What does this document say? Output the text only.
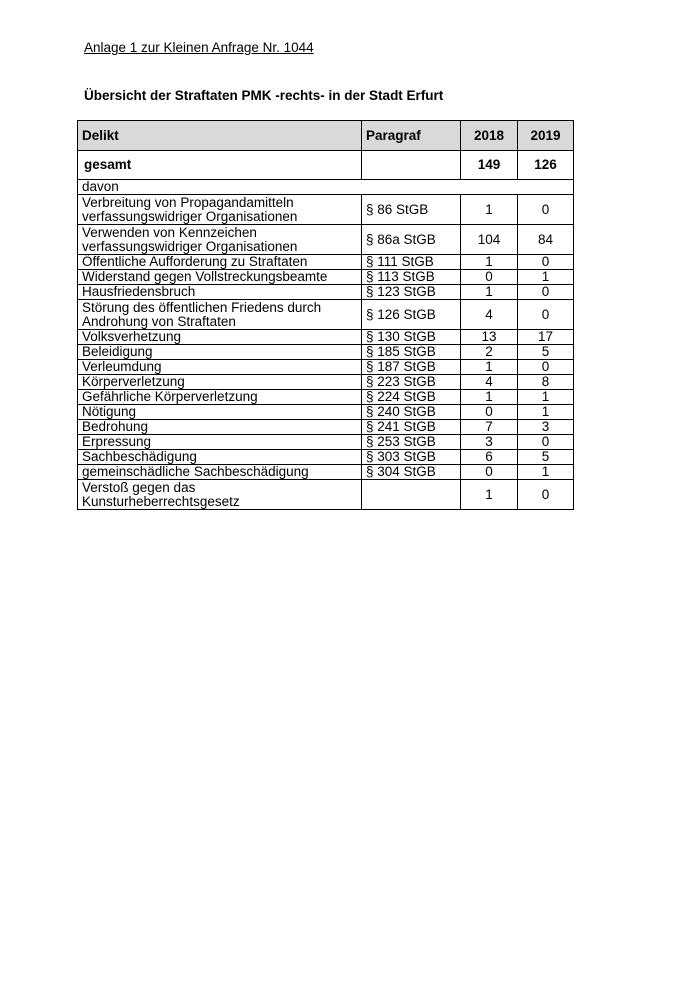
Anlage 1 zur Kleinen Anfrage Nr. 1044
Übersicht der Straftaten PMK -rechts- in der Stadt Erfurt
Delikt	Paragraf	2018	2019
gesamt		149	126
davon			

Verbreitung von Propagandamitteln
verfassungswidriger Organisationen	§ 86 StGB	1	0

Verwenden von Kennzeichen
verfassungswidriger Organisationen	§ 86a StGB	104	84

Öffentliche Aufforderung zu Straftaten	§ 111 StGB	1	0

Widerstand gegen Vollstreckungsbeamte	§ 113 StGB	0	1

Hausfriedensbruch	§ 123 StGB	1	0

Störung des öffentlichen Friedens durch
Androhung von Straftaten	§ 126 StGB	4	0

Volksverhetzung	§ 130 StGB	13	17

Beleidigung	§ 185 StGB	2	5

Verleumdung	§ 187 StGB	1	0

Körperverletzung	§ 223 StGB	4	8

Gefährliche Körperverletzung	§ 224 StGB	1	1

Nötigung	§ 240 StGB	0	1

Bedrohung	§ 241 StGB	7	3

Erpressung	§ 253 StGB	3	0

Sachbeschädigung	§ 303 StGB	6	5

gemeinschädliche Sachbeschädigung	§ 304 StGB	0	1

Verstoß gegen das
Kunsturheberrechtsgesetz		1	0
